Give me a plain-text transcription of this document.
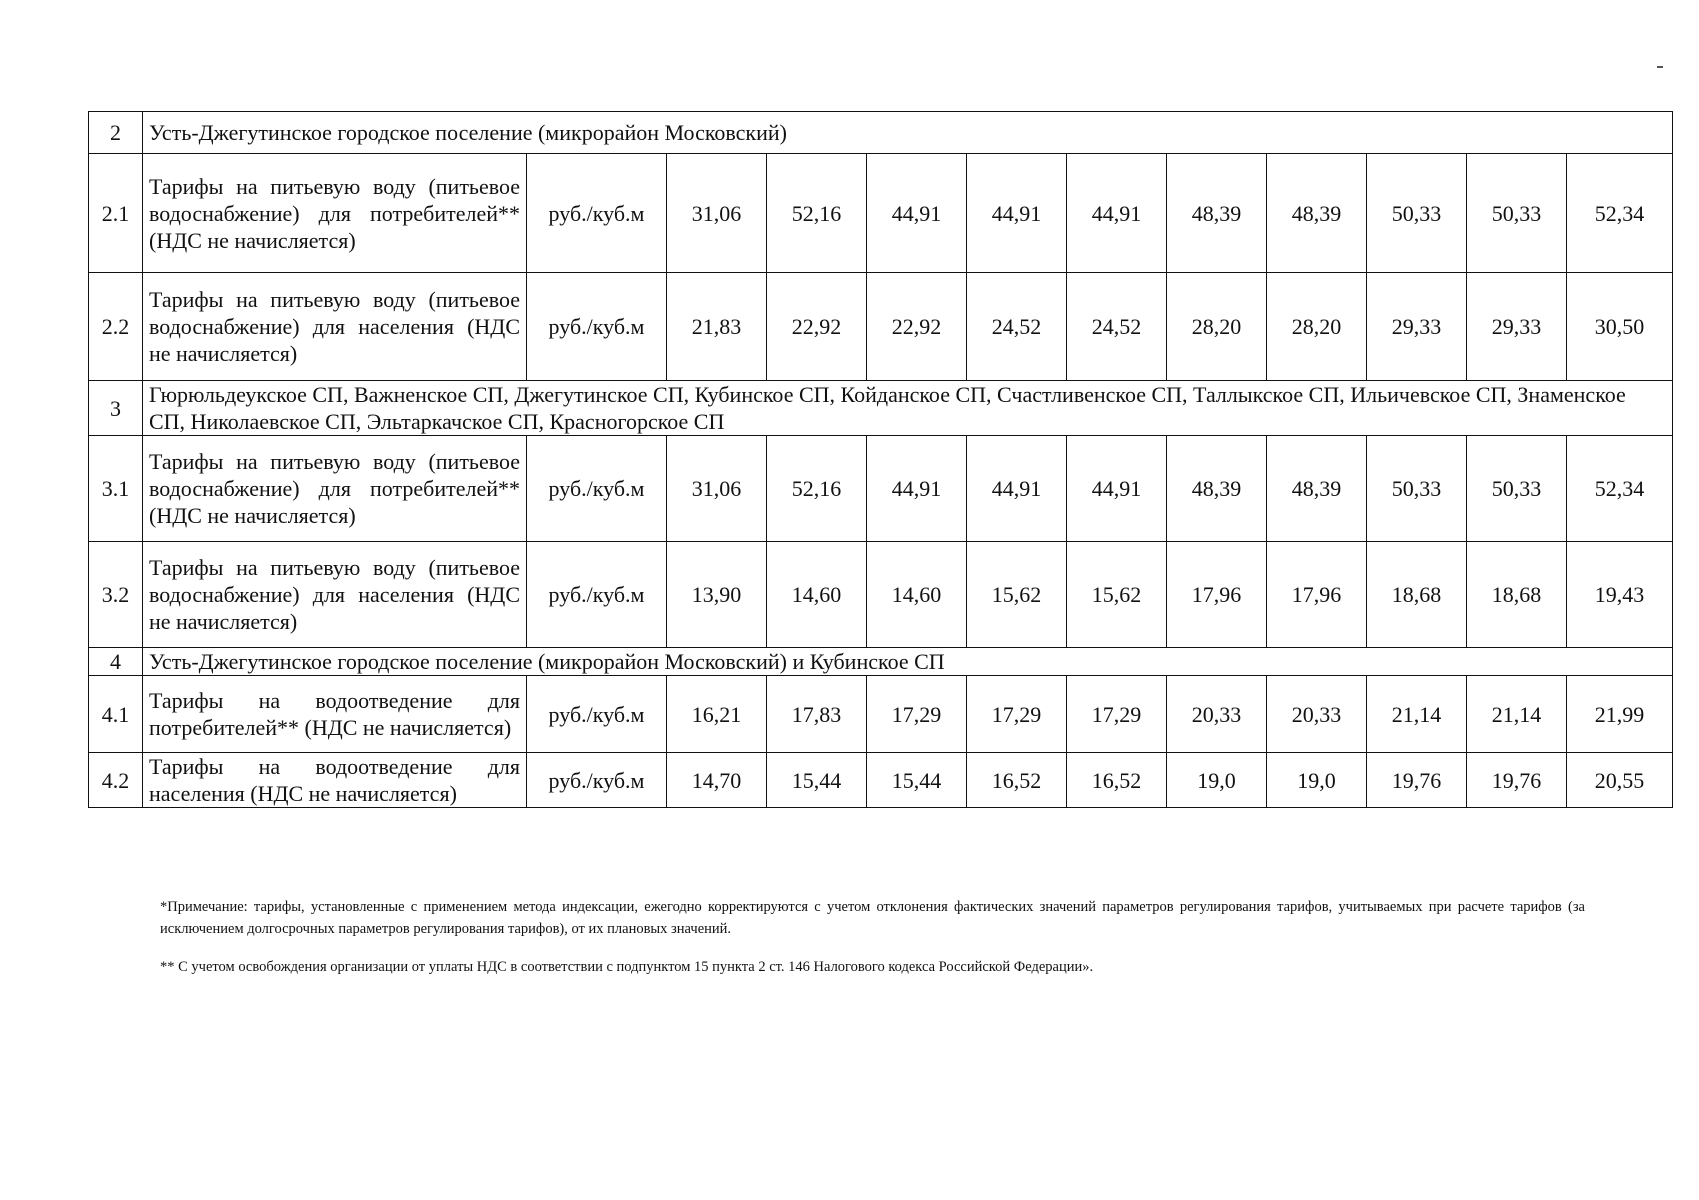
2	Усть-Джегутинское городское поселение (микрорайон Московский)											
2.1	Тарифы на питьевую воду (питьевое водоснабжение) для потребителей** (НДС не начисляется)	руб./куб.м	31,06	52,16	44,91	44,91	44,91	48,39	48,39	50,33	50,33	52,34
2.2	Тарифы на питьевую воду (питьевое водоснабжение) для населения (НДС не начисляется)	руб./куб.м	21,83	22,92	22,92	24,52	24,52	28,20	28,20	29,33	29,33	30,50
3	Гюрюльдеукское СП, Важненское СП, Джегутинское СП, Кубинское СП, Койданское СП, Счастливенское СП, Таллыкское СП, Ильичевское СП, Знаменское СП, Николаевское СП, Эльтаркачское СП, Красногорское СП											
3.1	Тарифы на питьевую воду (питьевое водоснабжение) для потребителей** (НДС не начисляется)	руб./куб.м	31,06	52,16	44,91	44,91	44,91	48,39	48,39	50,33	50,33	52,34
3.2	Тарифы на питьевую воду (питьевое водоснабжение) для населения (НДС не начисляется)	руб./куб.м	13,90	14,60	14,60	15,62	15,62	17,96	17,96	18,68	18,68	19,43
4	Усть-Джегутинское городское поселение (микрорайон Московский) и Кубинское СП											
4.1	Тарифы на водоотведение для потребителей** (НДС не начисляется)	руб./куб.м	16,21	17,83	17,29	17,29	17,29	20,33	20,33	21,14	21,14	21,99
4.2	Тарифы на водоотведение для населения (НДС не начисляется)	руб./куб.м	14,70	15,44	15,44	16,52	16,52	19,0	19,0	19,76	19,76	20,55

*Примечание: тарифы, установленные с применением метода индексации, ежегодно корректируются с учетом отклонения фактических значений параметров регулирования тарифов, учитываемых при расчете тарифов (за исключением долгосрочных параметров регулирования тарифов), от их плановых значений.

** С учетом освобождения организации от уплаты НДС в соответствии с подпунктом 15 пункта 2 ст. 146 Налогового кодекса Российской Федерации».
